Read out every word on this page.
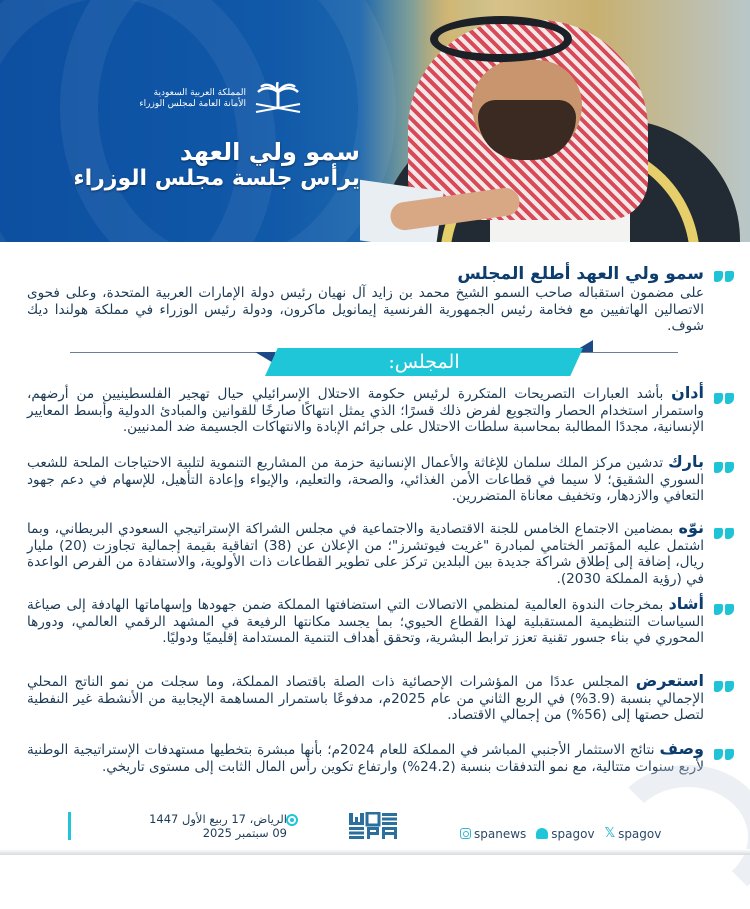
المملكة العربية السعودية
الأمانة العامة لمجلس الوزراء
سمو ولي العهد
يرأس جلسة مجلس الوزراء
سمو ولي العهد أطلع المجلس
على مضمون استقباله صاحب السمو الشيخ محمد بن زايد آل نهيان رئيس دولة الإمارات العربية المتحدة، وعلى فحوى الاتصالين الهاتفيين مع فخامة رئيس الجمهورية الفرنسية إيمانويل ماكرون، ودولة رئيس الوزراء في مملكة هولندا ديك شوف.
المجلس:

أدان بأشد العبارات التصريحات المتكررة لرئيس حكومة الاحتلال الإسرائيلي حيال تهجير الفلسطينيين من أرضهم، واستمرار استخدام الحصار والتجويع لفرض ذلك قسرًا؛ الذي يمثل انتهاكًا صارخًا للقوانين والمبادئ الدولية وأبسط المعايير الإنسانية، مجددًا المطالبة بمحاسبة سلطات الاحتلال على جرائم الإبادة والانتهاكات الجسيمة ضد المدنيين.

بارك تدشين مركز الملك سلمان للإغاثة والأعمال الإنسانية حزمة من المشاريع التنموية لتلبية الاحتياجات الملحة للشعب السوري الشقيق؛ لا سيما في قطاعات الأمن الغذائي، والصحة، والتعليم، والإيواء وإعادة التأهيل، للإسهام في دعم جهود التعافي والازدهار، وتخفيف معاناة المتضررين.

نوّه بمضامين الاجتماع الخامس للجنة الاقتصادية والاجتماعية في مجلس الشراكة الإستراتيجي السعودي البريطاني، وبما اشتمل عليه المؤتمر الختامي لمبادرة "غريت فيوتشرز"؛ من الإعلان عن (38) اتفاقية بقيمة إجمالية تجاوزت (20) مليار ريال، إضافة إلى إطلاق شراكة جديدة بين البلدين تركز على تطوير القطاعات ذات الأولوية، والاستفادة من الفرص الواعدة في (رؤية المملكة 2030).

أشاد بمخرجات الندوة العالمية لمنظمي الاتصالات التي استضافتها المملكة ضمن جهودها وإسهاماتها الهادفة إلى صياغة السياسات التنظيمية المستقبلية لهذا القطاع الحيوي؛ بما يجسد مكانتها الرفيعة في المشهد الرقمي العالمي، ودورها المحوري في بناء جسور تقنية تعزز ترابط البشرية، وتحقق أهداف التنمية المستدامة إقليميًا ودوليًا.

استعرض المجلس عددًا من المؤشرات الإحصائية ذات الصلة باقتصاد المملكة، وما سجلت من نمو الناتج المحلي الإجمالي بنسبة (3.9%) في الربع الثاني من عام 2025م، مدفوعًا باستمرار المساهمة الإيجابية من الأنشطة غير النفطية لتصل حصتها إلى (56%) من إجمالي الاقتصاد.

وصف نتائج الاستثمار الأجنبي المباشر في المملكة للعام 2024م؛ بأنها مبشرة بتخطيها مستهدفات الإستراتيجية الوطنية لأربع سنوات متتالية، مع نمو التدفقات بنسبة (24.2%) وارتفاع تكوين رأس المال الثابت إلى مستوى تاريخي.

الرياض، 17 ربيع الأول 1447
09 سبتمبر 2025	spanews spagov 𝕏 spagov
